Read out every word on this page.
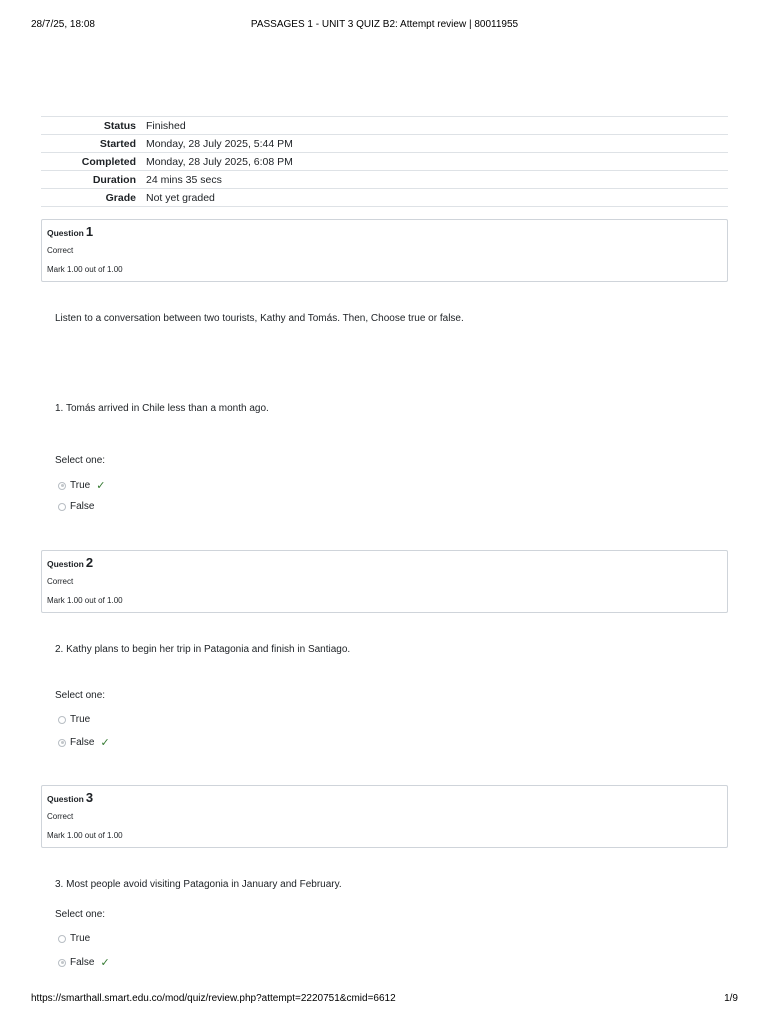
28/7/25, 18:08	PASSAGES 1 - UNIT 3 QUIZ B2: Attempt review | 80011955
Status	Finished
Started	Monday, 28 July 2025, 5:44 PM
Completed	Monday, 28 July 2025, 6:08 PM
Duration	24 mins 35 secs
Grade	Not yet graded
Question 1
Correct
Mark 1.00 out of 1.00
Listen to a conversation between two tourists, Kathy and Tomás. Then, Choose true or false.
1. Tomás arrived in Chile less than a month ago.
Select one:
True ✓
False
Question 2
Correct
Mark 1.00 out of 1.00
2. Kathy plans to begin her trip in Patagonia and finish in Santiago.
Select one:
True
False ✓
Question 3
Correct
Mark 1.00 out of 1.00
3. Most people avoid visiting Patagonia in January and February.
Select one:
True
False ✓
https://smarthall.smart.edu.co/mod/quiz/review.php?attempt=2220751&cmid=6612	1/9
